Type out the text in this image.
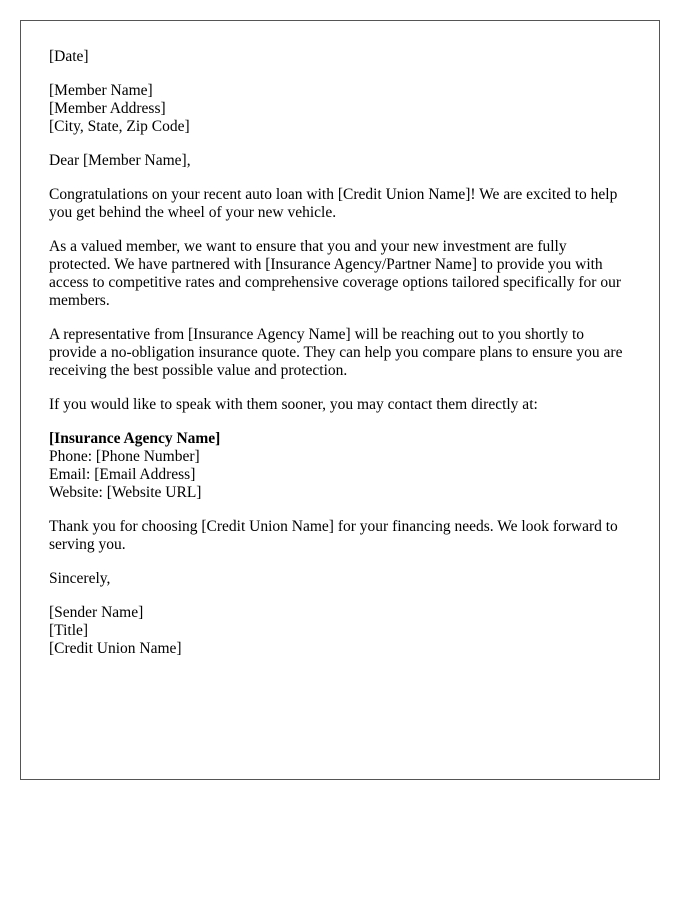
[Date]
[Member Name]
[Member Address]
[City, State, Zip Code]

Dear [Member Name],

Congratulations on your recent auto loan with [Credit Union Name]! We are excited to help you get behind the wheel of your new vehicle.

As a valued member, we want to ensure that you and your new investment are fully protected. We have partnered with [Insurance Agency/Partner Name] to provide you with access to competitive rates and comprehensive coverage options tailored specifically for our members.

A representative from [Insurance Agency Name] will be reaching out to you shortly to provide a no-obligation insurance quote. They can help you compare plans to ensure you are receiving the best possible value and protection.

If you would like to speak with them sooner, you may contact them directly at:

[Insurance Agency Name]
Phone: [Phone Number]
Email: [Email Address]
Website: [Website URL]

Thank you for choosing [Credit Union Name] for your financing needs. We look forward to serving you.

Sincerely,

[Sender Name]
[Title]
[Credit Union Name]
